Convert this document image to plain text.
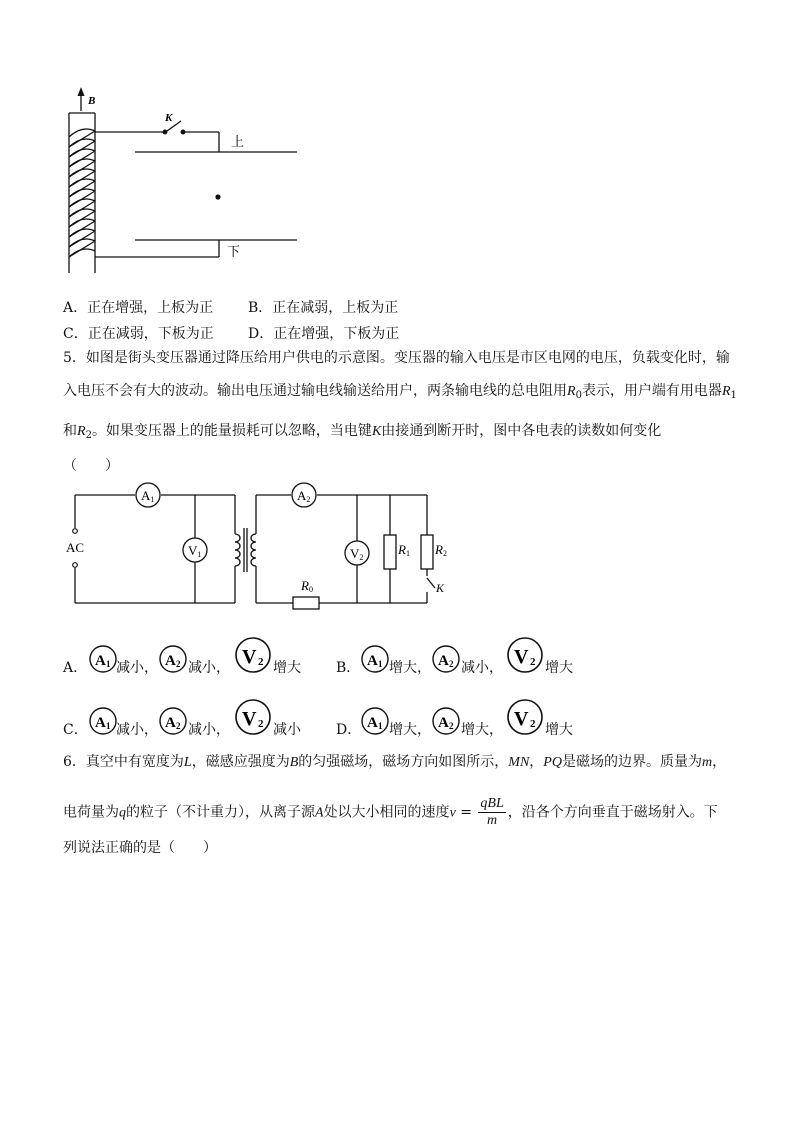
B
K
上
下
A．正在增强，上板为正 B．正在减弱，上板为正
C．正在减弱，下板为正 D．正在增强，下板为正
5．如图是街头变压器通过降压给用户供电的示意图。变压器的输入电压是市区电网的电压，负载变化时，输
入电压不会有大的波动。输出电压通过输电线输送给用户，两条输电线的总电阻用$R_0$表示，用户端有用电器$R_1$
和$R_2$。如果变压器上的能量损耗可以忽略，当电键K由接通到断开时，图中各电表的读数如何变化
（　　）
AC
A1
V1
A2
V2
R0
R1 R2
K
A． A 1 减小， A 2 减小， V 2 增大	B． A 1 增大， A 2 减小， V 2 增大
C． A 1 减小， A 2 减小， V 2 减小	D． A 1 增大， A 2 增大， V 2 增大
6．真空中有宽度为L，磁感应强度为B的匀强磁场，磁场方向如图所示，MN，PQ是磁场的边界。质量为m，
电荷量为q的粒子（不计重力），从离子源A处以大小相同的速度v =
qBL
m ，沿各个方向垂直于磁场射入。下
列说法正确的是（　　）
